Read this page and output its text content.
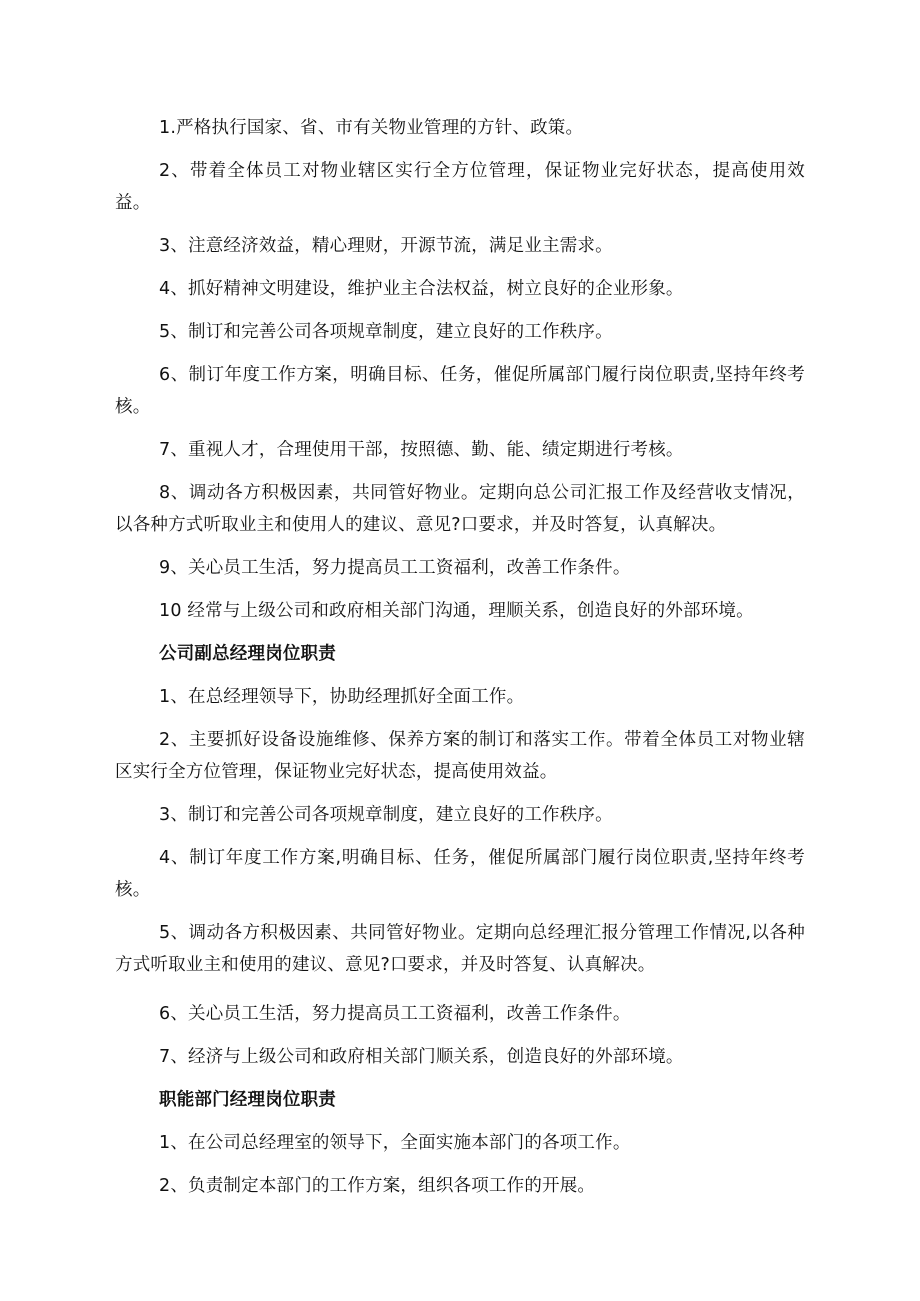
1.严格执行国家、省、市有关物业管理的方针、政策。

2、带着全体员工对物业辖区实行全方位管理，保证物业完好状态，提高使用效益。

3、注意经济效益，精心理财，开源节流，满足业主需求。

4、抓好精神文明建设，维护业主合法权益，树立良好的企业形象。

5、制订和完善公司各项规章制度，建立良好的工作秩序。

6、制订年度工作方案，明确目标、任务，催促所属部门履行岗位职责,坚持年终考核。

7、重视人才，合理使用干部，按照德、勤、能、绩定期进行考核。

8、调动各方积极因素，共同管好物业。定期向总公司汇报工作及经营收支情况，以各种方式听取业主和使用人的建议、意见?口要求，并及时答复，认真解决。

9、关心员工生活，努力提高员工工资福利，改善工作条件。

10 经常与上级公司和政府相关部门沟通，理顺关系，创造良好的外部环境。

公司副总经理岗位职责

1、在总经理领导下，协助经理抓好全面工作。

2、主要抓好设备设施维修、保养方案的制订和落实工作。带着全体员工对物业辖区实行全方位管理，保证物业完好状态，提高使用效益。

3、制订和完善公司各项规章制度，建立良好的工作秩序。

4、制订年度工作方案,明确目标、任务，催促所属部门履行岗位职责,坚持年终考核。

5、调动各方积极因素、共同管好物业。定期向总经理汇报分管理工作情况,以各种方式听取业主和使用的建议、意见?口要求，并及时答复、认真解决。

6、关心员工生活，努力提高员工工资福利，改善工作条件。

7、经济与上级公司和政府相关部门顺关系，创造良好的外部环境。

职能部门经理岗位职责

1、在公司总经理室的领导下，全面实施本部门的各项工作。

2、负责制定本部门的工作方案，组织各项工作的开展。
